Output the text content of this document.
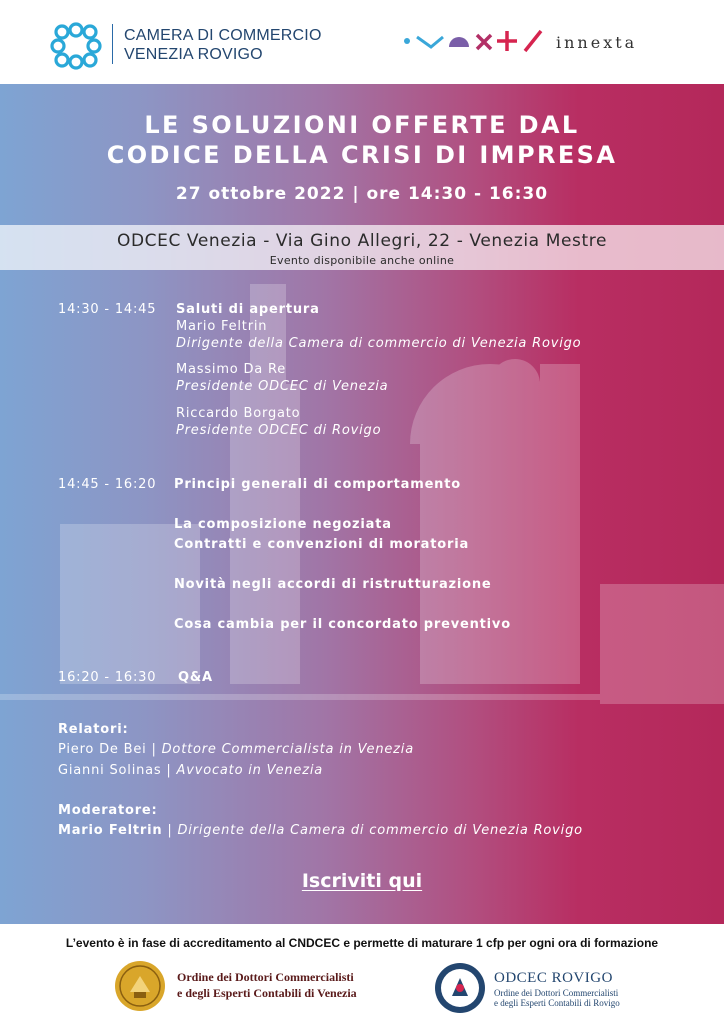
CAMERA DI COMMERCIO
VENEZIA ROVIGO
innexta
LE SOLUZIONI OFFERTE DAL
CODICE DELLA CRISI DI IMPRESA
27 ottobre 2022 | ore 14:30 - 16:30
ODCEC Venezia - Via Gino Allegri, 22 - Venezia Mestre
Evento disponibile anche online
14:30 - 14:45 Saluti di apertura
Mario Feltrin
Dirigente della Camera di commercio di Venezia Rovigo
Massimo Da Re
Presidente ODCEC di Venezia
Riccardo Borgato
Presidente ODCEC di Rovigo
14:45 - 16:20 Principi generali di comportamento
La composizione negoziata
Contratti e convenzioni di moratoria
Novità negli accordi di ristrutturazione
Cosa cambia per il concordato preventivo
16:20 - 16:30 Q&A
Relatori:
Piero De Bei | Dottore Commercialista in Venezia
Gianni Solinas | Avvocato in Venezia
Moderatore:
Mario Feltrin | Dirigente della Camera di commercio di Venezia Rovigo
Iscriviti qui
L’evento è in fase di accreditamento al CNDCEC e permette di maturare 1 cfp per ogni ora di formazione
Ordine dei Dottori Commercialisti
e degli Esperti Contabili di Venezia
ODCEC ROVIGO
Ordine dei Dottori Commercialisti
e degli Esperti Contabili di Rovigo
